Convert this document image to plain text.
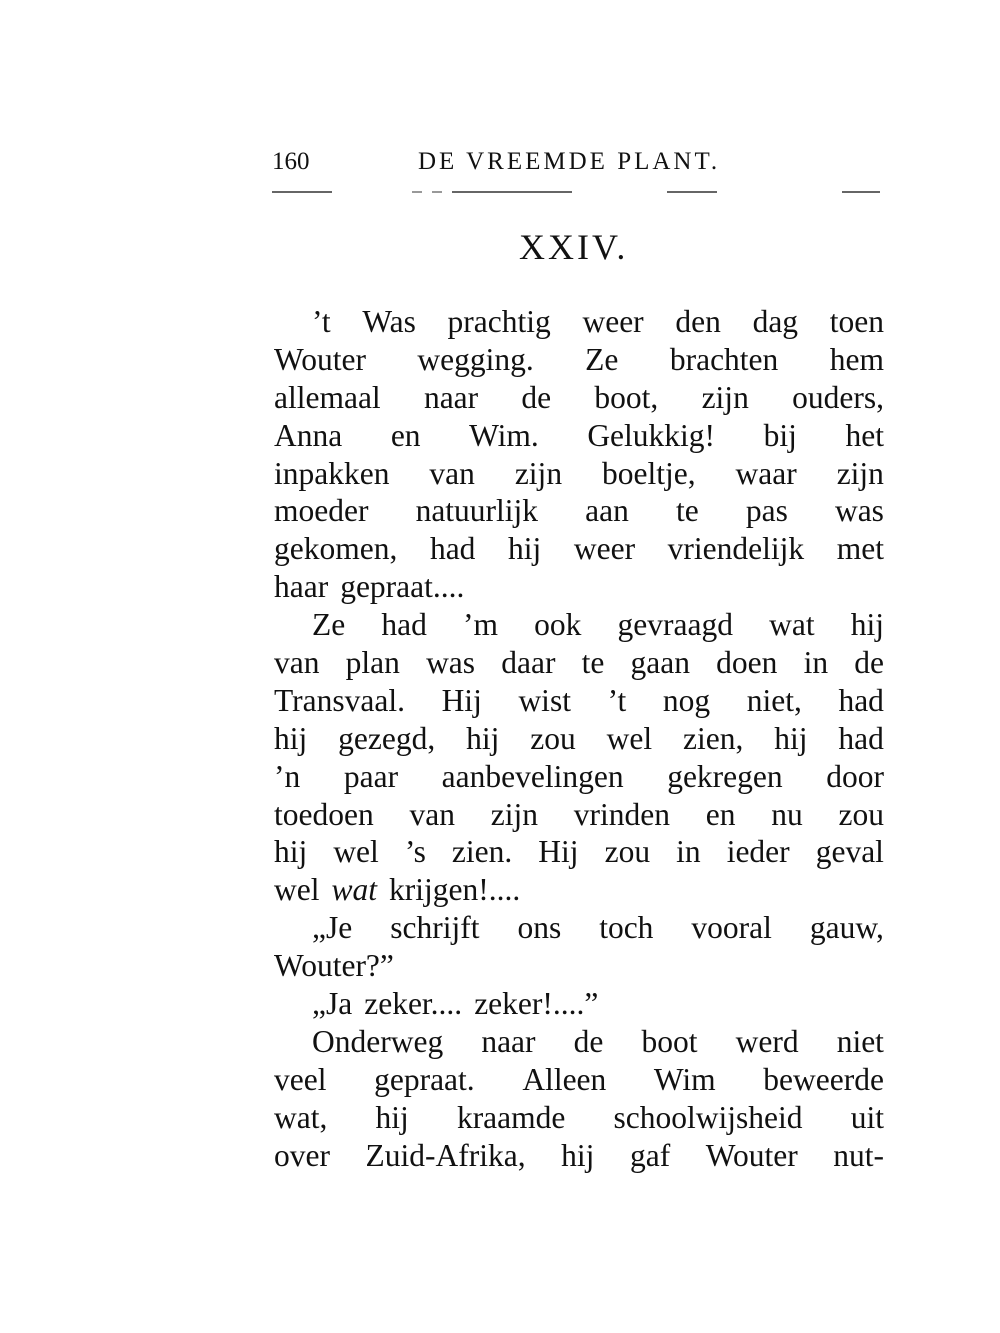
160	DE VREEMDE PLANT.
XXIV.
’t Was prachtig weer den dag toen
Wouter wegging. Ze brachten hem
allemaal naar de boot, zijn ouders,
Anna en Wim. Gelukkig! bij het
inpakken van zijn boeltje, waar zijn
moeder natuurlijk aan te pas was
gekomen, had hij weer vriendelijk met
haar gepraat....
Ze had ’m ook gevraagd wat hij
van plan was daar te gaan doen in de
Transvaal. Hij wist ’t nog niet, had
hij gezegd, hij zou wel zien, hij had
’n paar aanbevelingen gekregen door
toedoen van zijn vrinden en nu zou
hij wel ’s zien. Hij zou in ieder geval
wel wat krijgen!....
„Je schrijft ons toch vooral gauw,
Wouter?”
„Ja zeker.... zeker!....”
Onderweg naar de boot werd niet
veel gepraat. Alleen Wim beweerde
wat, hij kraamde schoolwijsheid uit
over Zuid-Afrika, hij gaf Wouter nut-
